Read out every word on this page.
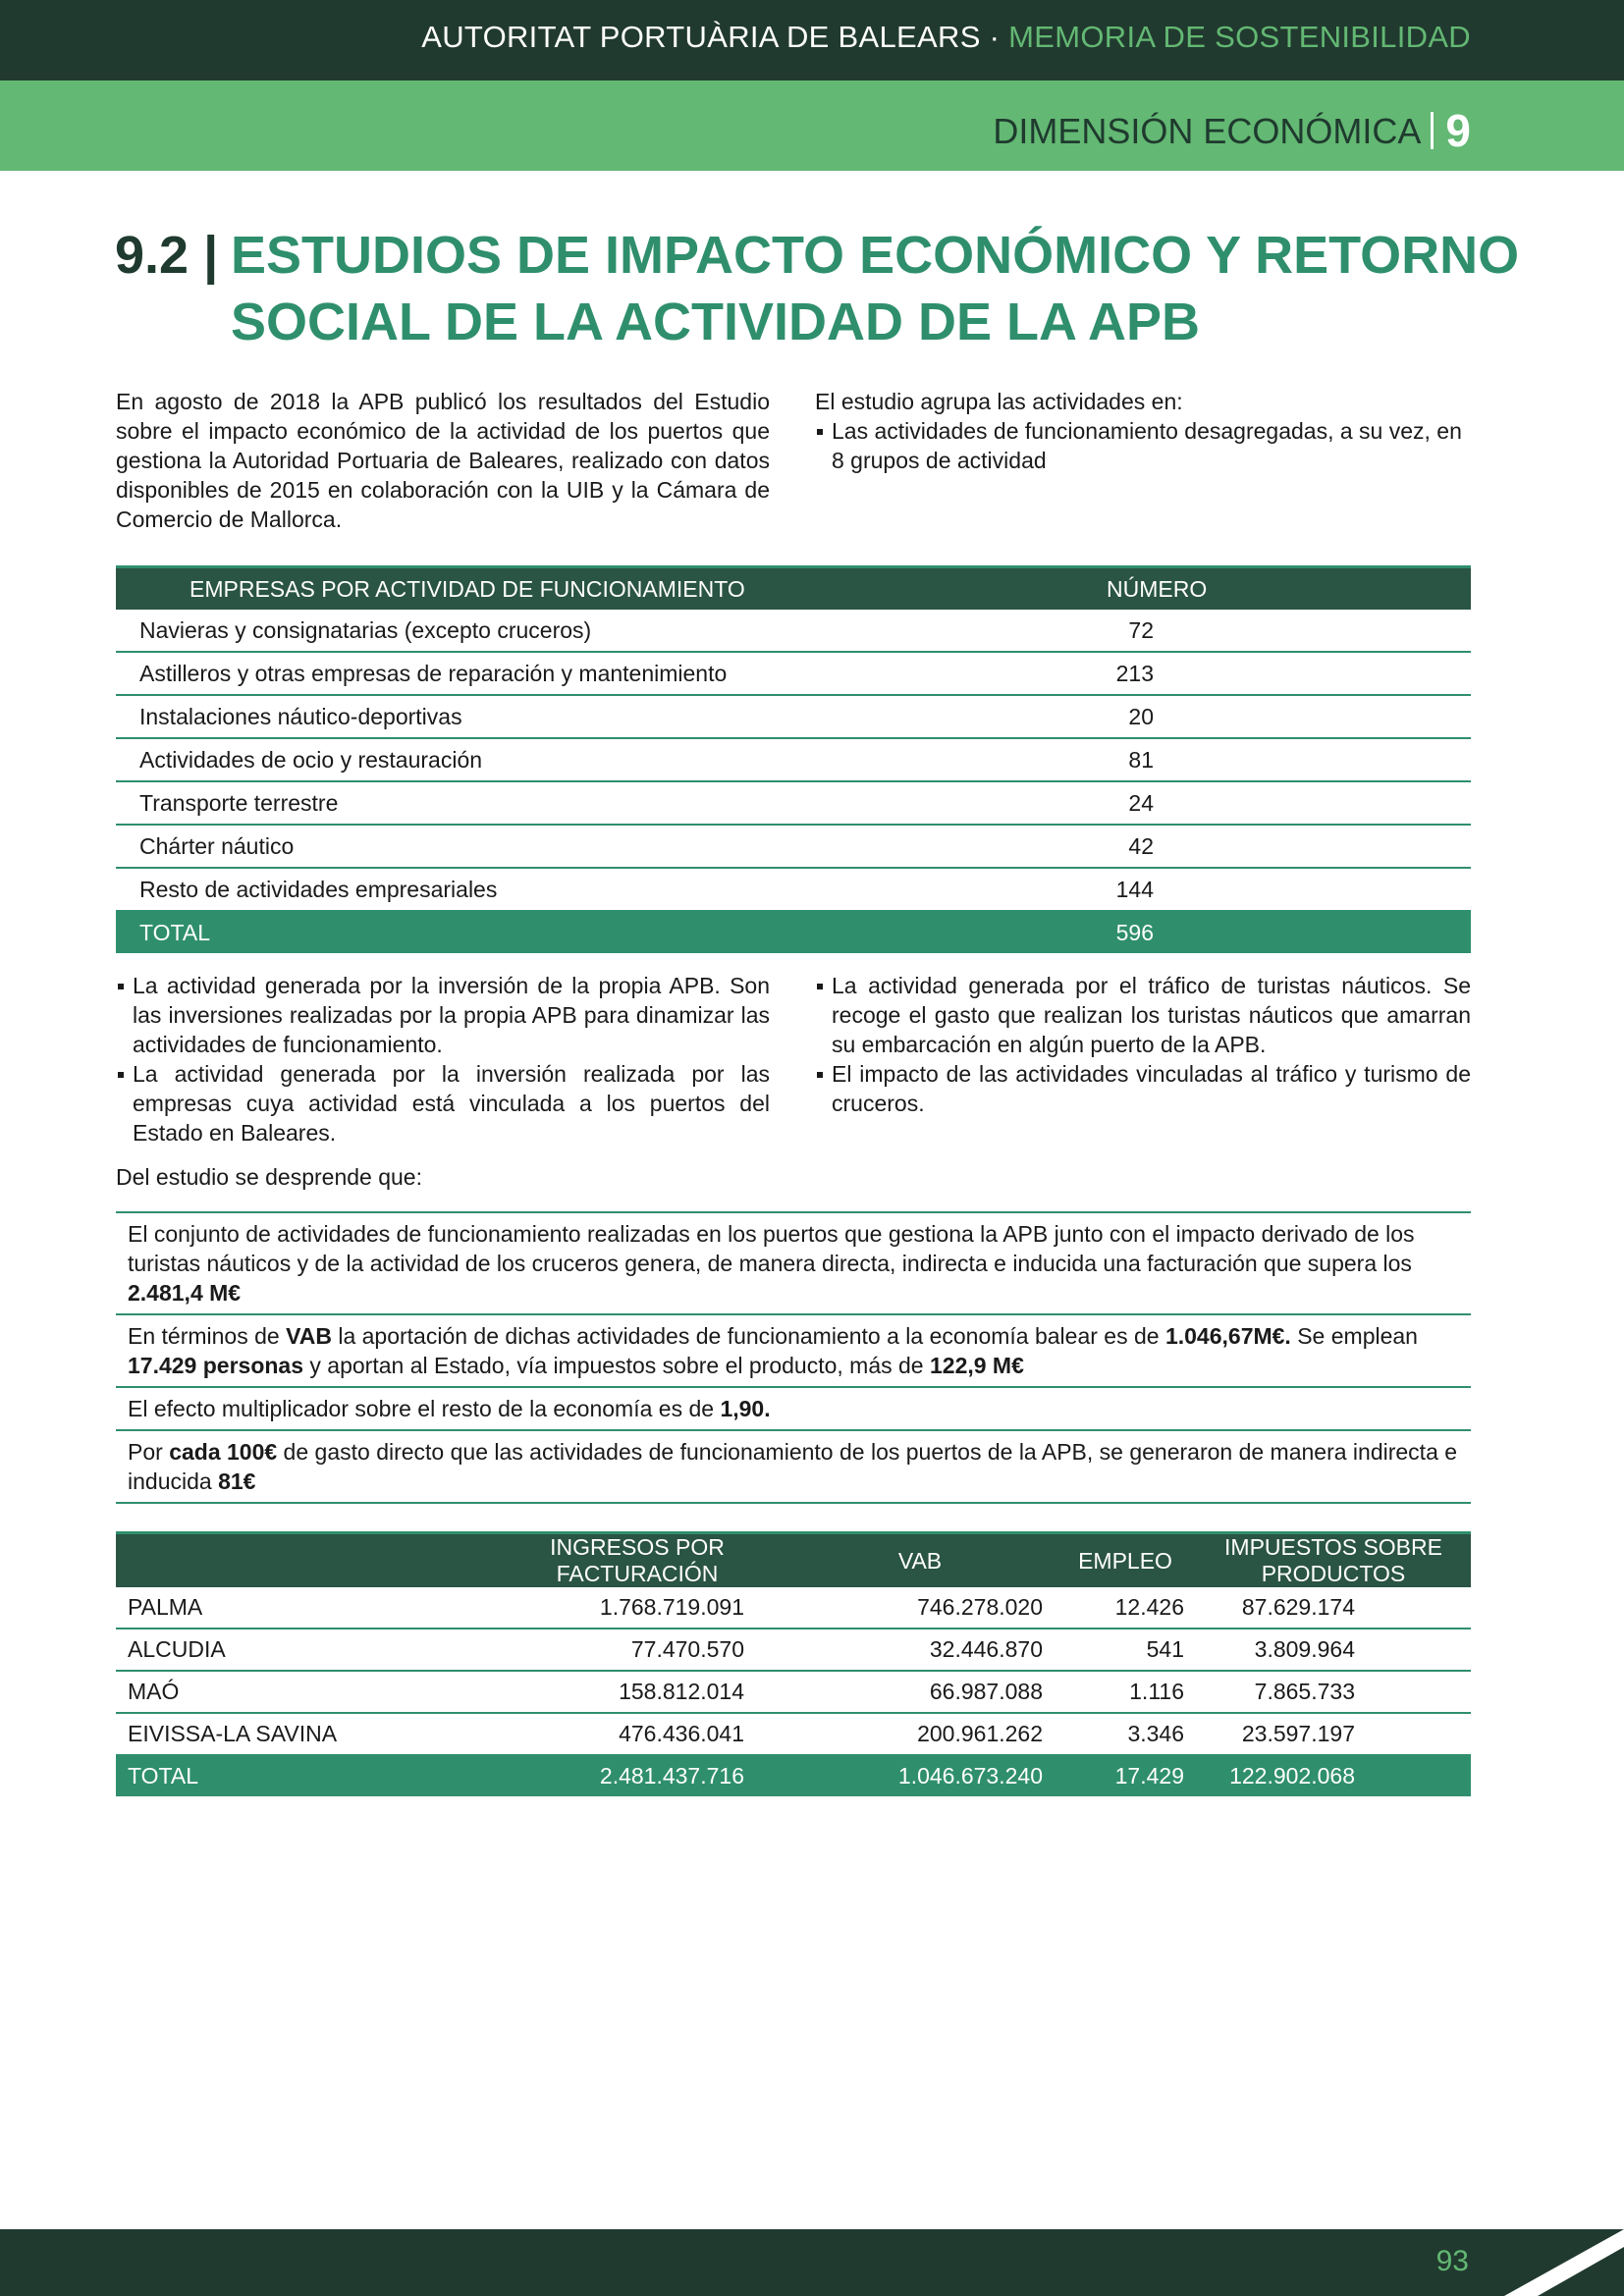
AUTORITAT PORTUÀRIA DE BALEARS · MEMORIA DE SOSTENIBILIDAD
DIMENSIÓN ECONÓMICA 9
9.2 | ESTUDIOS DE IMPACTO ECONÓMICO Y RETORNO SOCIAL DE LA ACTIVIDAD DE LA APB
En agosto de 2018 la APB publicó los resultados del Estudio sobre el impacto económico de la actividad de los puertos que gestiona la Autoridad Portuaria de Baleares, realizado con datos disponibles de 2015 en colaboración con la UIB y la Cámara de Comercio de Mallorca.
El estudio agrupa las actividades en:
Las actividades de funcionamiento desagregadas, a su vez, en 8 grupos de actividad
EMPRESAS POR ACTIVIDAD DE FUNCIONAMIENTO	NÚMERO
Navieras y consignatarias (excepto cruceros)	72
Astilleros y otras empresas de reparación y mantenimiento	213
Instalaciones náutico-deportivas	20
Actividades de ocio y restauración	81
Transporte terrestre	24
Chárter náutico	42
Resto de actividades empresariales	144
TOTAL	596
La actividad generada por la inversión de la propia APB. Son las inversiones realizadas por la propia APB para dinamizar las actividades de funcionamiento.
La actividad generada por la inversión realizada por las empresas cuya actividad está vinculada a los puertos del Estado en Baleares.
La actividad generada por el tráfico de turistas náuticos. Se recoge el gasto que realizan los turistas náuticos que amarran su embarcación en algún puerto de la APB.
El impacto de las actividades vinculadas al tráfico y turismo de cruceros.
Del estudio se desprende que:
El conjunto de actividades de funcionamiento realizadas en los puertos que gestiona la APB junto con el impacto derivado de los turistas náuticos y de la actividad de los cruceros genera, de manera directa, indirecta e inducida una facturación que supera los 2.481,4 M€
En términos de VAB la aportación de dichas actividades de funcionamiento a la economía balear es de 1.046,67M€. Se emplean 17.429 personas y aportan al Estado, vía impuestos sobre el producto, más de 122,9 M€
El efecto multiplicador sobre el resto de la economía es de 1,90.
Por cada 100€ de gasto directo que las actividades de funcionamiento de los puertos de la APB, se generaron de manera indirecta e inducida 81€
	INGRESOS POR FACTURACIÓN	VAB	EMPLEO	IMPUESTOS SOBRE PRODUCTOS
PALMA	1.768.719.091	746.278.020	12.426	87.629.174
ALCUDIA	77.470.570	32.446.870	541	3.809.964
MAÓ	158.812.014	66.987.088	1.116	7.865.733
EIVISSA-LA SAVINA	476.436.041	200.961.262	3.346	23.597.197
TOTAL	2.481.437.716	1.046.673.240	17.429	122.902.068
93
